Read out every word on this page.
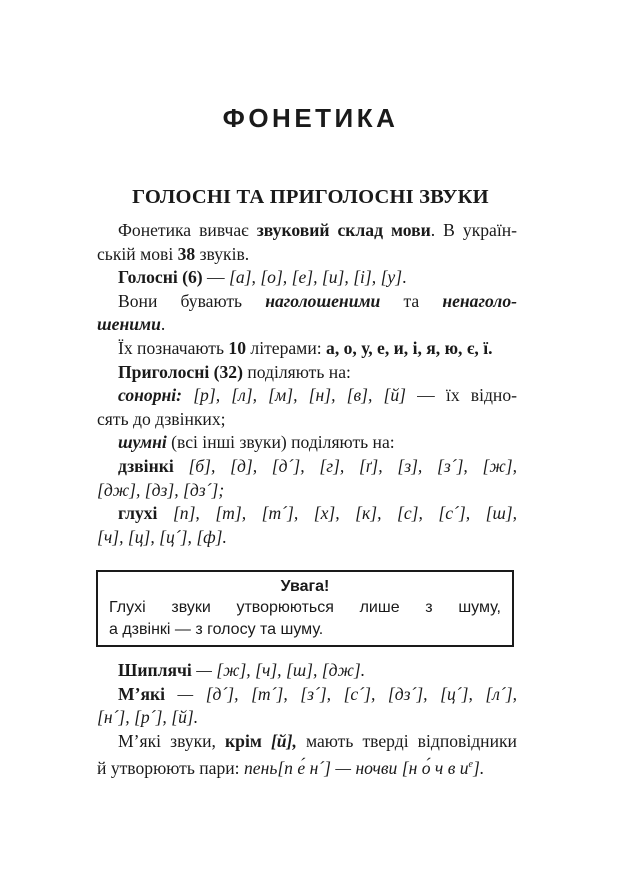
ФОНЕТИКА
ГОЛОСНІ ТА ПРИГОЛОСНІ ЗВУКИ

Фонетика вивчає звуковий склад мови. В україн-

ській мові 38 звуків.

Голосні (6) — [а], [о], [е], [и], [і], [у].

Вони бувають наголошеними та ненаголо-

шеними.

Їх позначають 10 літерами: а, о, у, е, и, і, я, ю, є, ї.

Приголосні (32) поділяють на:

сонорні: [р], [л], [м], [н], [в], [й] — їх відно-

сять до дзвінких;

шумні (всі інші звуки) поділяють на:

дзвінкі [б], [д], [д´], [г], [ґ], [з], [з´], [ж],

[дж], [дз], [дз´];

глухі [п], [т], [т´], [х], [к], [с], [с´], [ш],

[ч], [ц], [ц´], [ф].

Увага!
Глухі звуки утворюються лише з шуму,
а дзвінкі — з голосу та шуму.

Шиплячі — [ж], [ч], [ш], [дж].

М’які — [д´], [т´], [з´], [с´], [дз´], [ц´], [л´],

[н´], [р´], [й].

М’які звуки, крім [й], мають тверді відповідники

й утворюють пари: пень[п е́ н´] — ночви [н о́ ч в $и^е$].
